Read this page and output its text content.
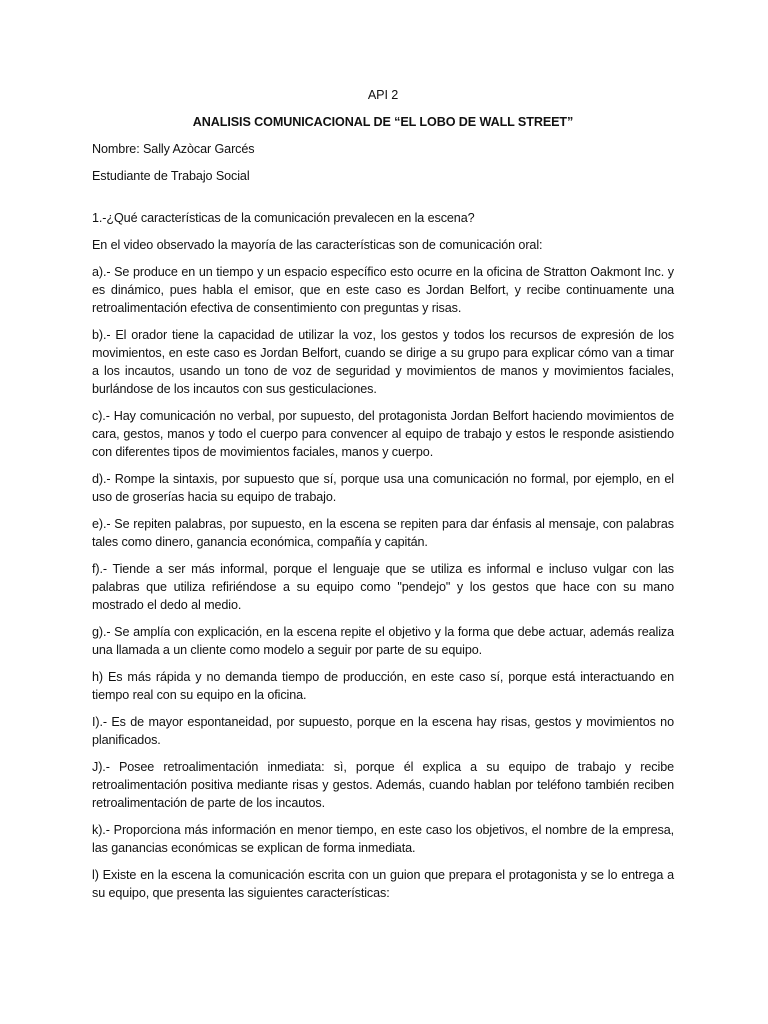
API 2
ANALISIS COMUNICACIONAL DE “EL LOBO DE WALL STREET”
Nombre: Sally Azòcar Garcés
Estudiante de Trabajo Social
1.-¿Qué características de la comunicación prevalecen en la escena?
En el video observado la mayoría de las características son de comunicación oral:
a).- Se produce en un tiempo y un espacio específico esto ocurre en la oficina de Stratton Oakmont Inc. y es dinámico, pues habla el emisor, que en este caso es Jordan Belfort, y recibe continuamente una retroalimentación efectiva de consentimiento con preguntas y risas.
b).- El orador tiene la capacidad de utilizar la voz, los gestos y todos los recursos de expresión de los movimientos, en este caso es Jordan Belfort, cuando se dirige a su grupo para explicar cómo van a timar a los incautos, usando un tono de voz de seguridad y movimientos de manos y movimientos faciales, burlándose de los incautos con sus gesticulaciones.
c).- Hay comunicación no verbal, por supuesto, del protagonista Jordan Belfort haciendo movimientos de cara, gestos, manos y todo el cuerpo para convencer al equipo de trabajo y estos le responde asistiendo con diferentes tipos de movimientos faciales, manos y cuerpo.
d).- Rompe la sintaxis, por supuesto que sí, porque usa una comunicación no formal, por ejemplo, en el uso de groserías hacia su equipo de trabajo.
e).- Se repiten palabras, por supuesto, en la escena se repiten para dar énfasis al mensaje, con palabras tales como dinero, ganancia económica, compañía y capitán.
f).- Tiende a ser más informal, porque el lenguaje que se utiliza es informal e incluso vulgar con las palabras que utiliza refiriéndose a su equipo como "pendejo" y los gestos que hace con su mano mostrado el dedo al medio.
g).- Se amplía con explicación, en la escena repite el objetivo y la forma que debe actuar, además realiza una llamada a un cliente como modelo a seguir por parte de su equipo.
h) Es más rápida y no demanda tiempo de producción, en este caso sí, porque está interactuando en tiempo real con su equipo en la oficina.
I).- Es de mayor espontaneidad, por supuesto, porque en la escena hay risas, gestos y movimientos no planificados.
J).- Posee retroalimentación inmediata: sì, porque él explica a su equipo de trabajo y recibe retroalimentación positiva mediante risas y gestos. Además, cuando hablan por teléfono también reciben retroalimentación de parte de los incautos.
k).- Proporciona más información en menor tiempo, en este caso los objetivos, el nombre de la empresa, las ganancias económicas se explican de forma inmediata.
l) Existe en la escena la comunicación escrita con un guion que prepara el protagonista y se lo entrega a su equipo, que presenta las siguientes características:
